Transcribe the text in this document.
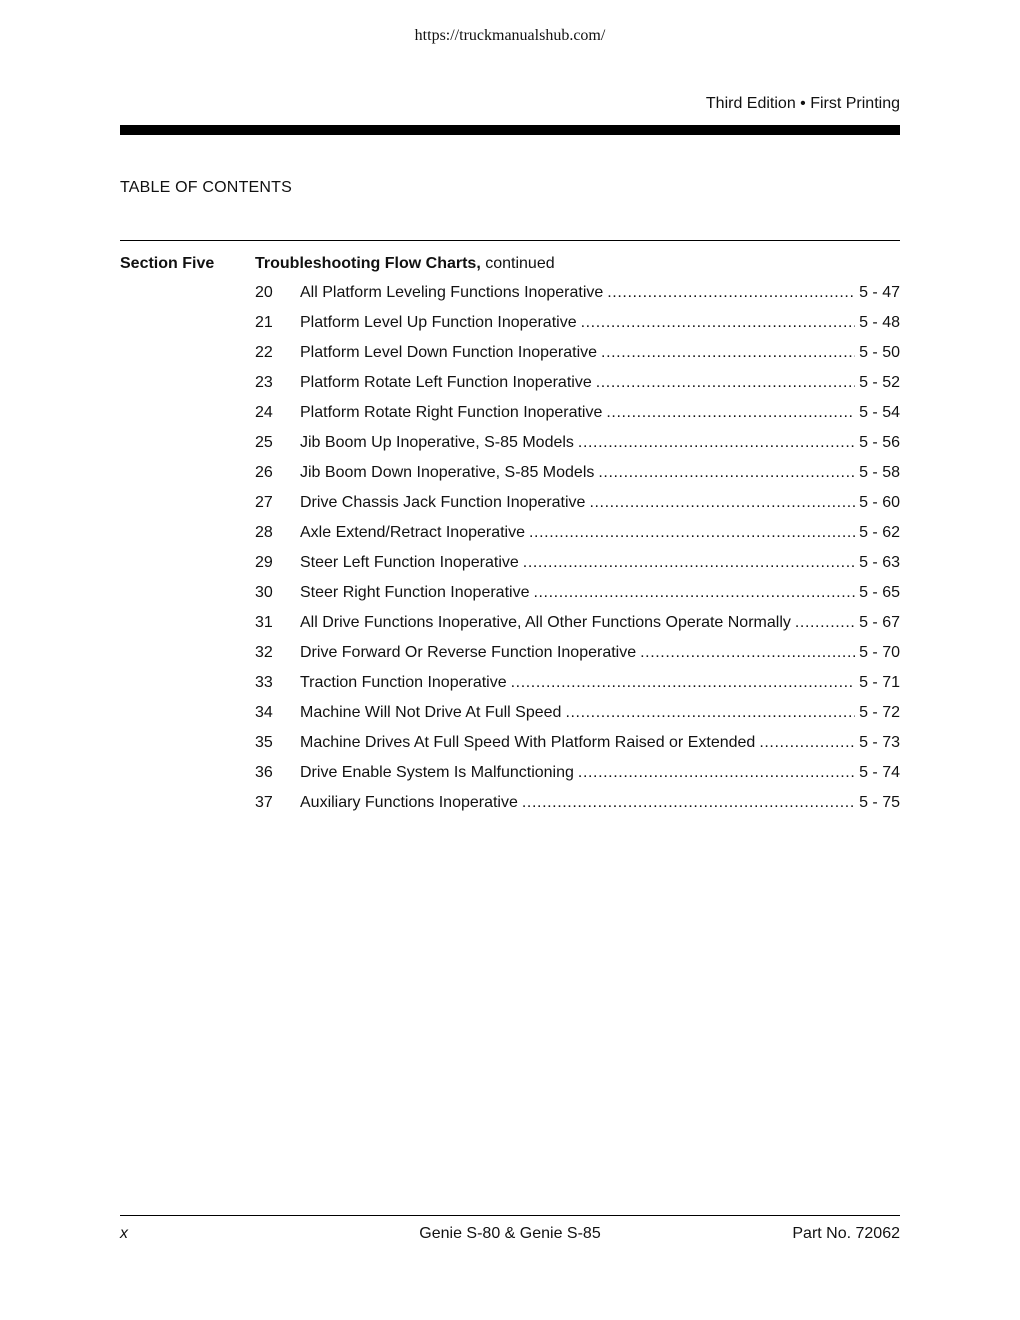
https://truckmanualshub.com/
Third Edition • First Printing
TABLE OF CONTENTS
Section Five	Troubleshooting Flow Charts, continued
20	All Platform Leveling Functions Inoperative .....	5 - 47
21	Platform Level Up Function Inoperative .....	5 - 48
22	Platform Level Down Function Inoperative .....	5 - 50
23	Platform Rotate Left Function Inoperative .....	5 - 52
24	Platform Rotate Right Function Inoperative .....	5 - 54
25	Jib Boom Up Inoperative, S-85 Models .....	5 - 56
26	Jib Boom Down Inoperative, S-85 Models .....	5 - 58
27	Drive Chassis Jack Function Inoperative .....	5 - 60
28	Axle Extend/Retract Inoperative .....	5 - 62
29	Steer Left Function Inoperative .....	5 - 63
30	Steer Right Function Inoperative .....	5 - 65
31	All Drive Functions Inoperative, All Other Functions Operate Normally .....	5 - 67
32	Drive Forward Or Reverse Function Inoperative .....	5 - 70
33	Traction Function Inoperative .....	5 - 71
34	Machine Will Not Drive At Full Speed .....	5 - 72
35	Machine Drives At Full Speed With Platform Raised or Extended .....	5 - 73
36	Drive Enable System Is Malfunctioning .....	5 - 74
37	Auxiliary Functions Inoperative .....	5 - 75
x	Genie S-80 & Genie S-85	Part No. 72062
